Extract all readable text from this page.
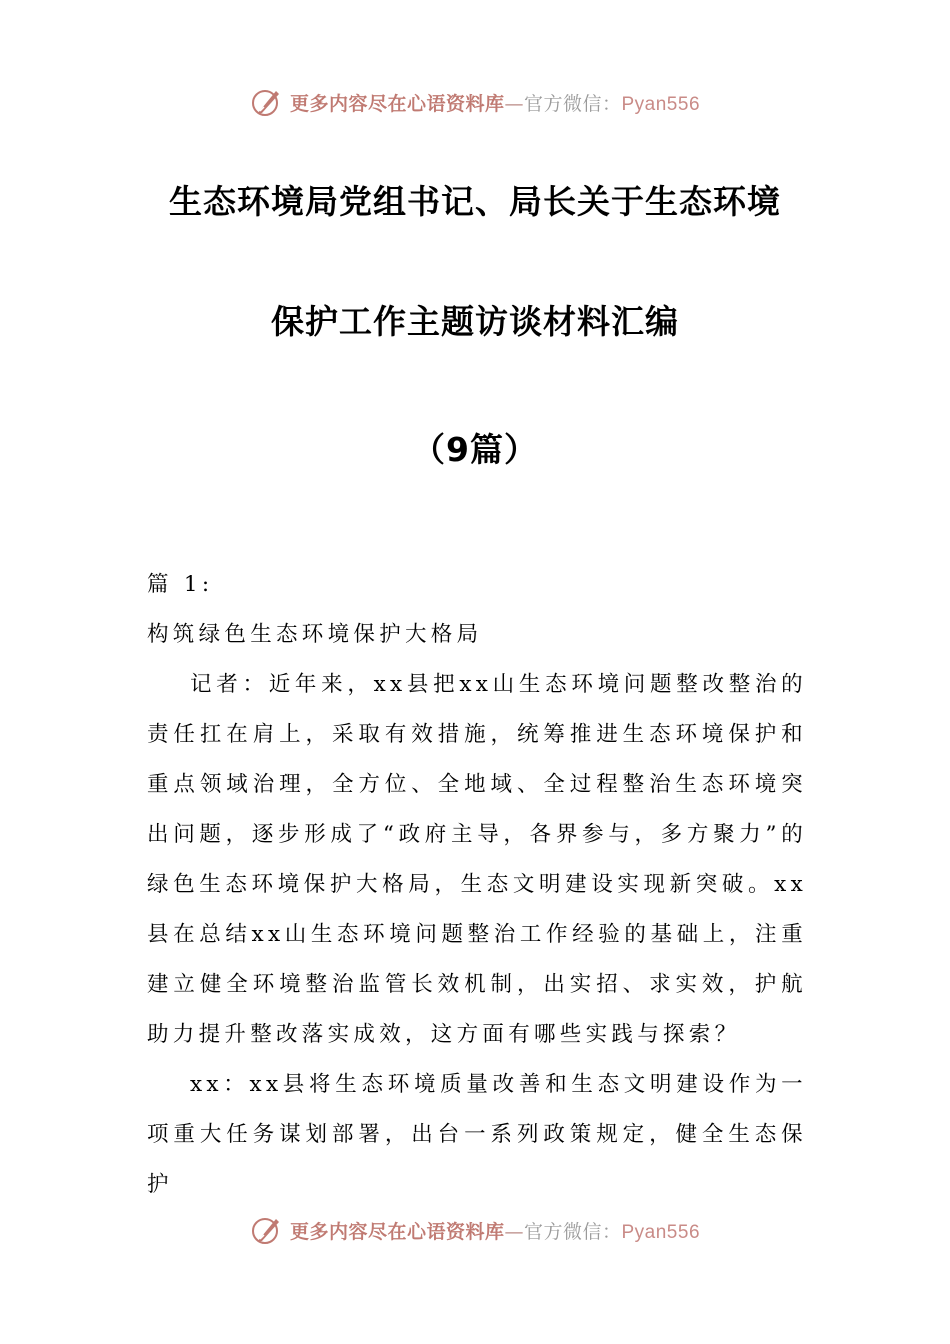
更多内容尽在心语资料库—官方微信：Pyan556
生态环境局党组书记、局长关于生态环境
保护工作主题访谈材料汇编
（9篇）

篇 1:

构筑绿色生态环境保护大格局

记者：近年来，xx县把xx山生态环境问题整改整治的责任扛在肩上，采取有效措施，统筹推进生态环境保护和重点领域治理，全方位、全地域、全过程整治生态环境突出问题，逐步形成了“政府主导，各界参与，多方聚力”的绿色生态环境保护大格局，生态文明建设实现新突破。xx县在总结xx山生态环境问题整治工作经验的基础上，注重建立健全环境整治监管长效机制，出实招、求实效，护航助力提升整改落实成效，这方面有哪些实践与探索？

xx：xx县将生态环境质量改善和生态文明建设作为一项重大任务谋划部署，出台一系列政策规定，健全生态保护

更多内容尽在心语资料库—官方微信：Pyan556
